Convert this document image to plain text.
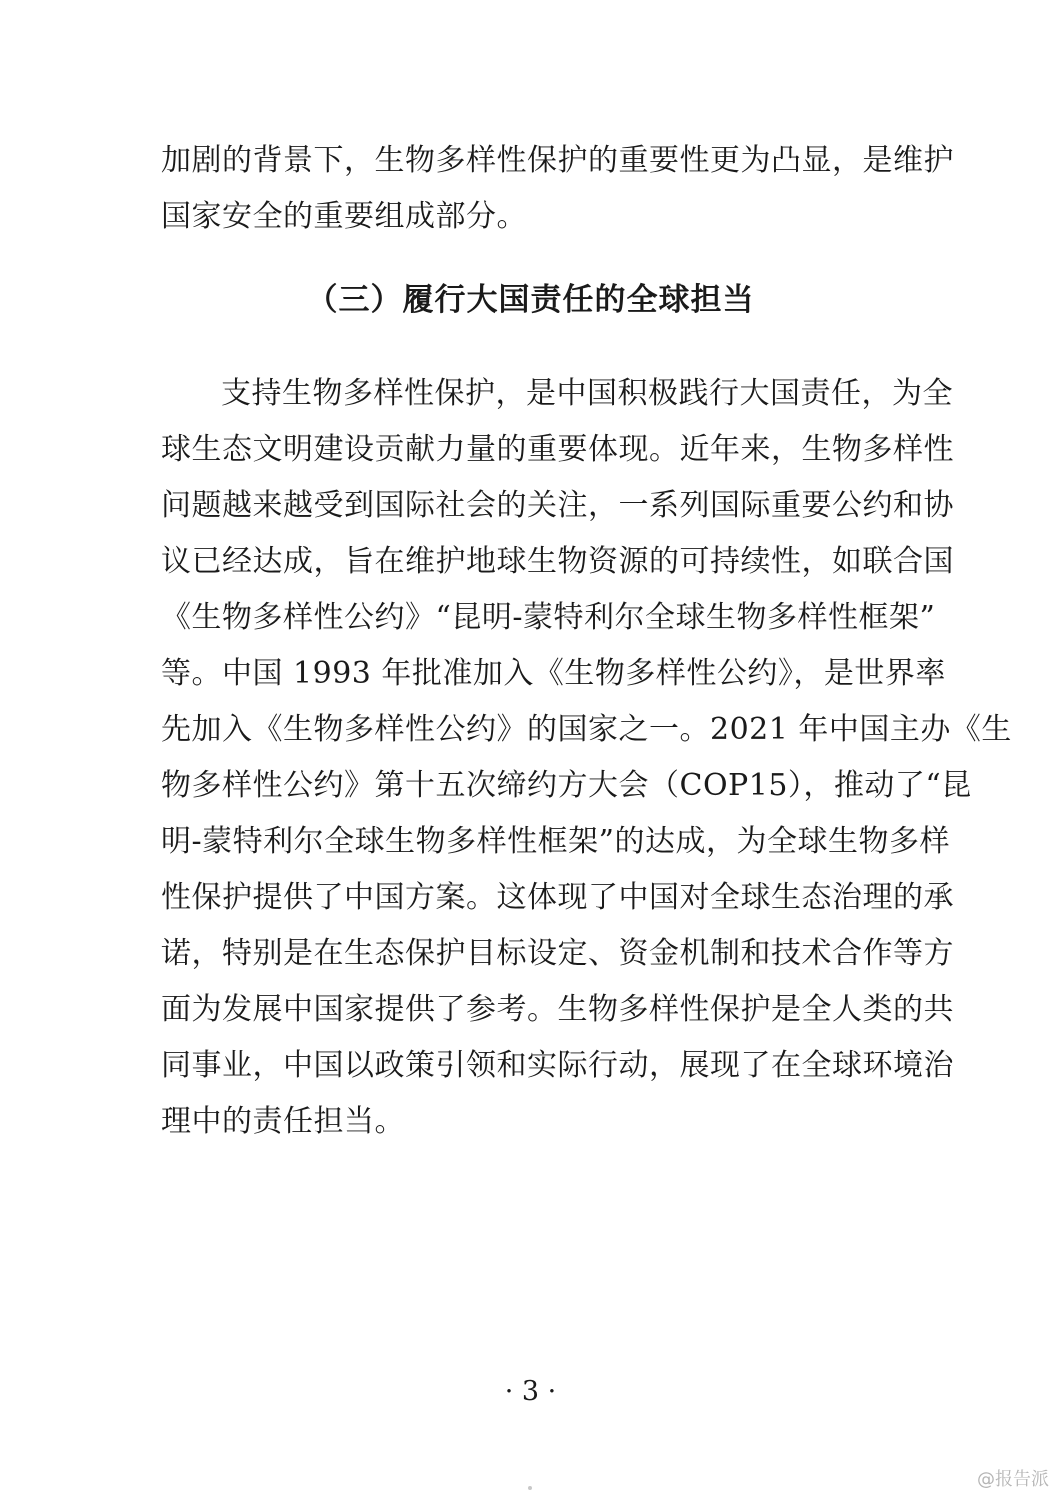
加剧的背景下，生物多样性保护的重要性更为凸显，是维护
国家安全的重要组成部分。
（三）履行大国责任的全球担当
支持生物多样性保护，是中国积极践行大国责任，为全
球生态文明建设贡献力量的重要体现。近年来，生物多样性
问题越来越受到国际社会的关注，一系列国际重要公约和协
议已经达成，旨在维护地球生物资源的可持续性，如联合国
《生物多样性公约》“昆明-蒙特利尔全球生物多样性框架”
等。中国 1993 年批准加入《生物多样性公约》，是世界率
先加入《生物多样性公约》的国家之一。2021 年中国主办《生
物多样性公约》第十五次缔约方大会（COP15），推动了“昆
明-蒙特利尔全球生物多样性框架”的达成，为全球生物多样
性保护提供了中国方案。这体现了中国对全球生态治理的承
诺，特别是在生态保护目标设定、资金机制和技术合作等方
面为发展中国家提供了参考。生物多样性保护是全人类的共
同事业，中国以政策引领和实际行动，展现了在全球环境治
理中的责任担当。
· 3 ·
@报告派
